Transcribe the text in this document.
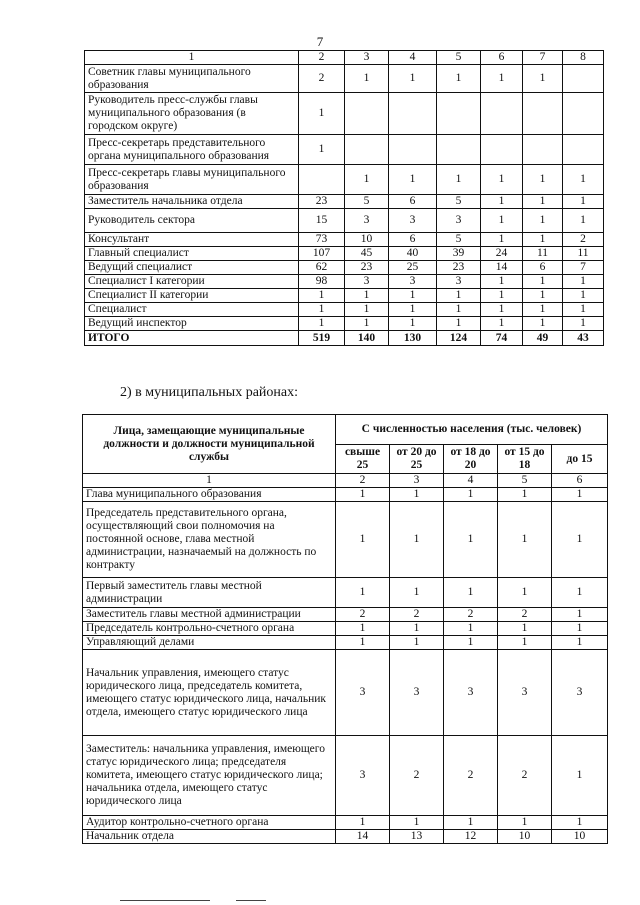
7
1	2	3	4	5	6	7	8
Советник главы муниципального образования	2	1	1	1	1	1	
Руководитель пресс-службы главы муниципального образования (в городском округе)	1						
Пресс-секретарь представительного органа муниципального образования	1						
Пресс-секретарь главы муниципального образования		1	1	1	1	1	1
Заместитель начальника отдела	23	5	6	5	1	1	1
Руководитель сектора	15	3	3	3	1	1	1
Консультант	73	10	6	5	1	1	2
Главный специалист	107	45	40	39	24	11	11
Ведущий специалист	62	23	25	23	14	6	7
Специалист I категории	98	3	3	3	1	1	1
Специалист II категории	1	1	1	1	1	1	1
Специалист	1	1	1	1	1	1	1
Ведущий инспектор	1	1	1	1	1	1	1
ИТОГО	519	140	130	124	74	49	43
2) в муниципальных районах:
Лица, замещающие муниципальные должности и должности муниципальной службы	С численностью населения (тыс. человек)				
	свыше 25	от 20 до 25	от 18 до 20	от 15 до 18	до 15
1	2	3	4	5	6
Глава муниципального образования	1	1	1	1	1
Председатель представительного органа, осуществляющий свои полномочия на постоянной основе, глава местной администрации, назначаемый на должность по контракту	1	1	1	1	1
Первый заместитель главы местной администрации	1	1	1	1	1
Заместитель главы местной администрации	2	2	2	2	1
Председатель контрольно-счетного органа	1	1	1	1	1
Управляющий делами	1	1	1	1	1
Начальник управления, имеющего статус юридического лица, председатель комитета, имеющего статус юридического лица, начальник отдела, имеющего статус юридического лица	3	3	3	3	3
Заместитель: начальника управления, имеющего статус юридического лица; председателя комитета, имеющего статус юридического лица; начальника отдела, имеющего статус юридического лица	3	2	2	2	1
Аудитор контрольно-счетного органа	1	1	1	1	1
Начальник отдела	14	13	12	10	10
